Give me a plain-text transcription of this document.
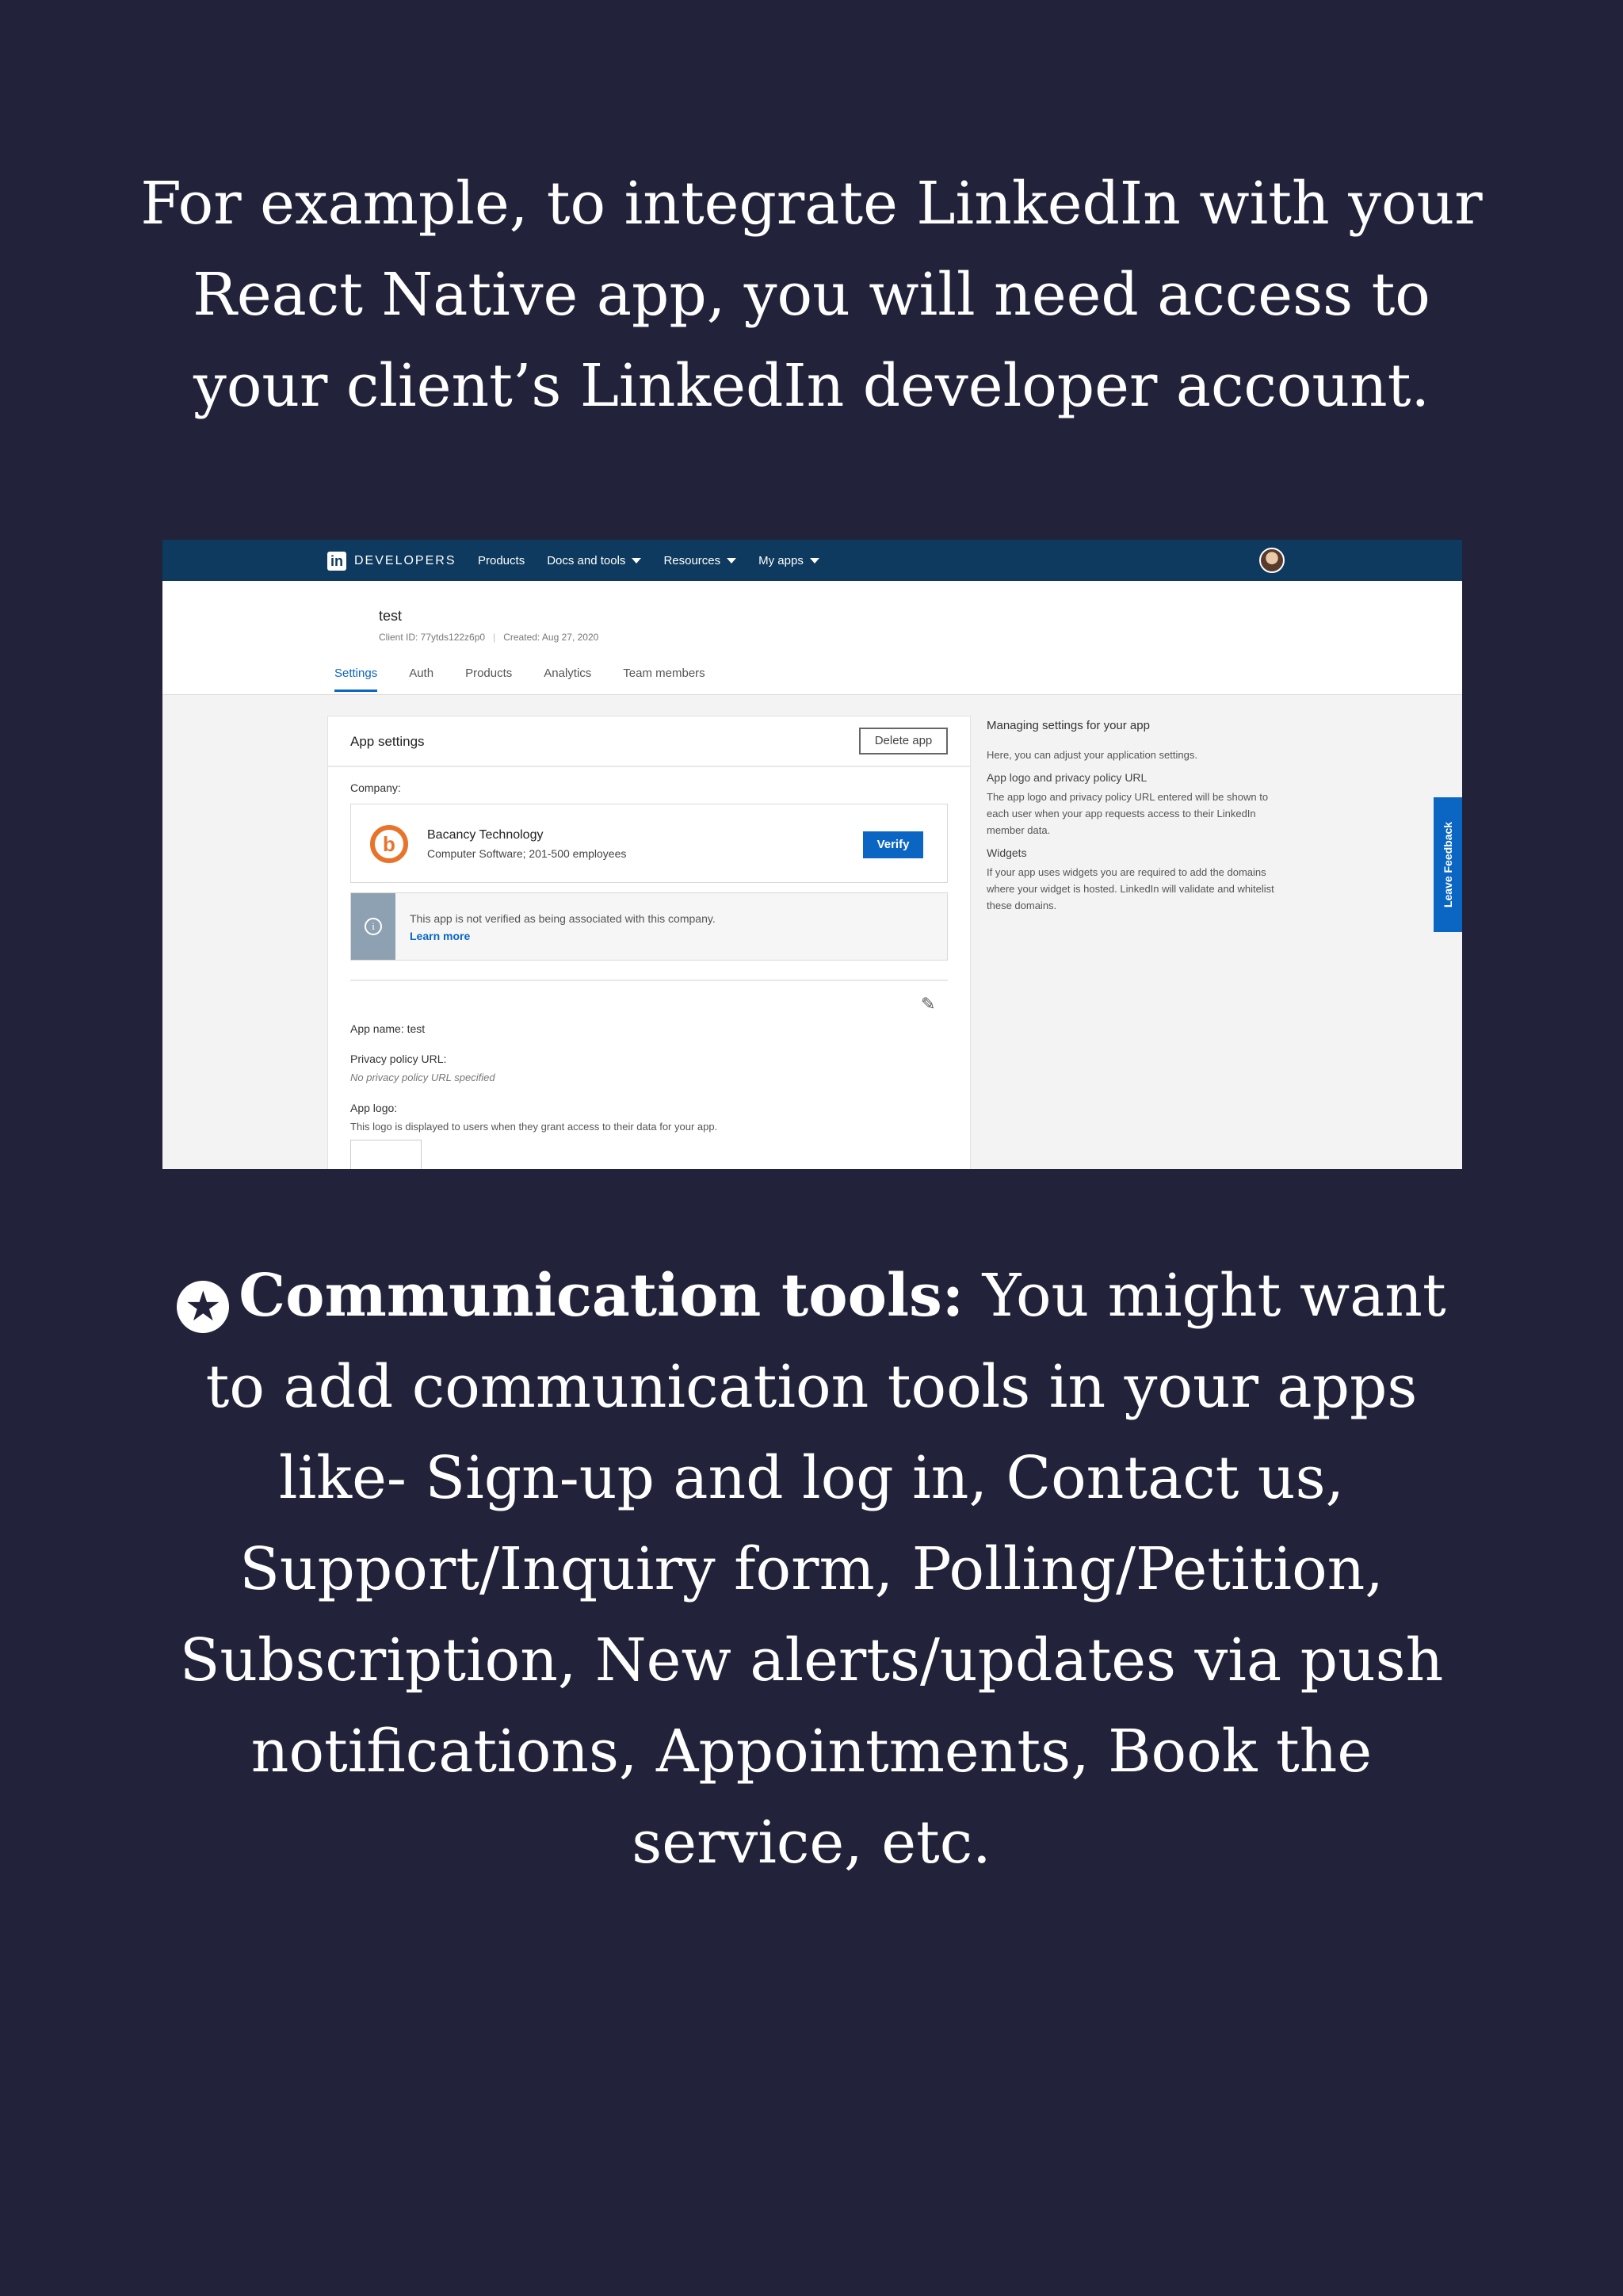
For example, to integrate LinkedIn with your React Native app, you will need access to your client’s LinkedIn developer account.

in DEVELOPERS Products Docs and tools	Resources	My apps
test
Client ID: 77ytds122z6p0 | Created: Aug 27, 2020
Settings	Auth	Products	Analytics	Team members
App settings	Delete app
Company:
b	Bacancy Technology
Computer Software; 201-500 employees
Verify
i
This app is not verified as being associated with this company.
Learn more
✎
App name: test
Privacy policy URL:
No privacy policy URL specified
App logo:
This logo is displayed to users when they grant access to their data for your app.
Managing settings for your app

Here, you can adjust your application settings.

App logo and privacy policy URL

The app logo and privacy policy URL entered will be shown to each user when your app requests access to their LinkedIn member data.

Widgets

If your app uses widgets you are required to add the domains where your widget is hosted. LinkedIn will validate and whitelist these domains.	Leave Feedback

★ Communication tools: You might want to add communication tools in your apps like- Sign-up and log in, Contact us, Support/Inquiry form, Polling/Petition, Subscription, New alerts/updates via push notifications, Appointments, Book the service, etc.
